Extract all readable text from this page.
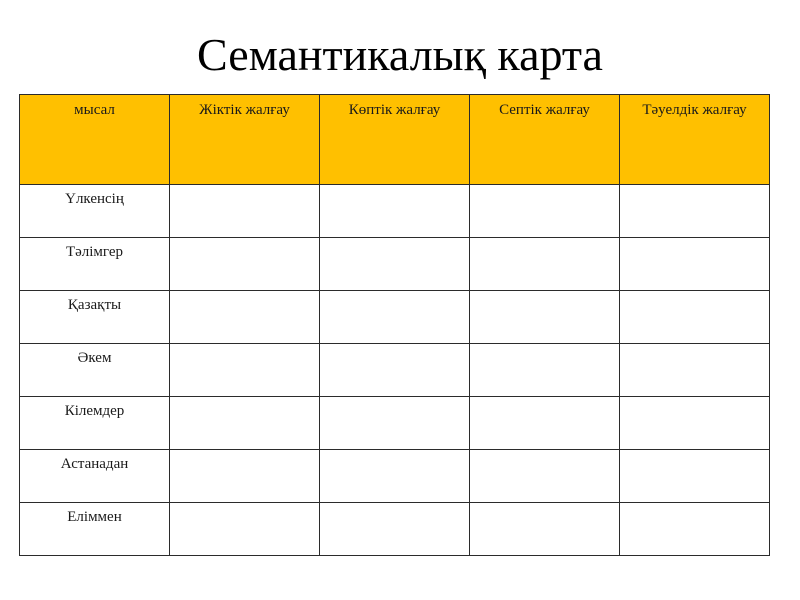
Семантикалық карта
мысал	Жіктік жалғау	Көптік жалғау	Септік жалғау	Тәуелдік жалғау
Үлкенсің				
Тәлімгер				
Қазақты				
Әкем				
Кілемдер				
Астанадан				
Еліммен				
